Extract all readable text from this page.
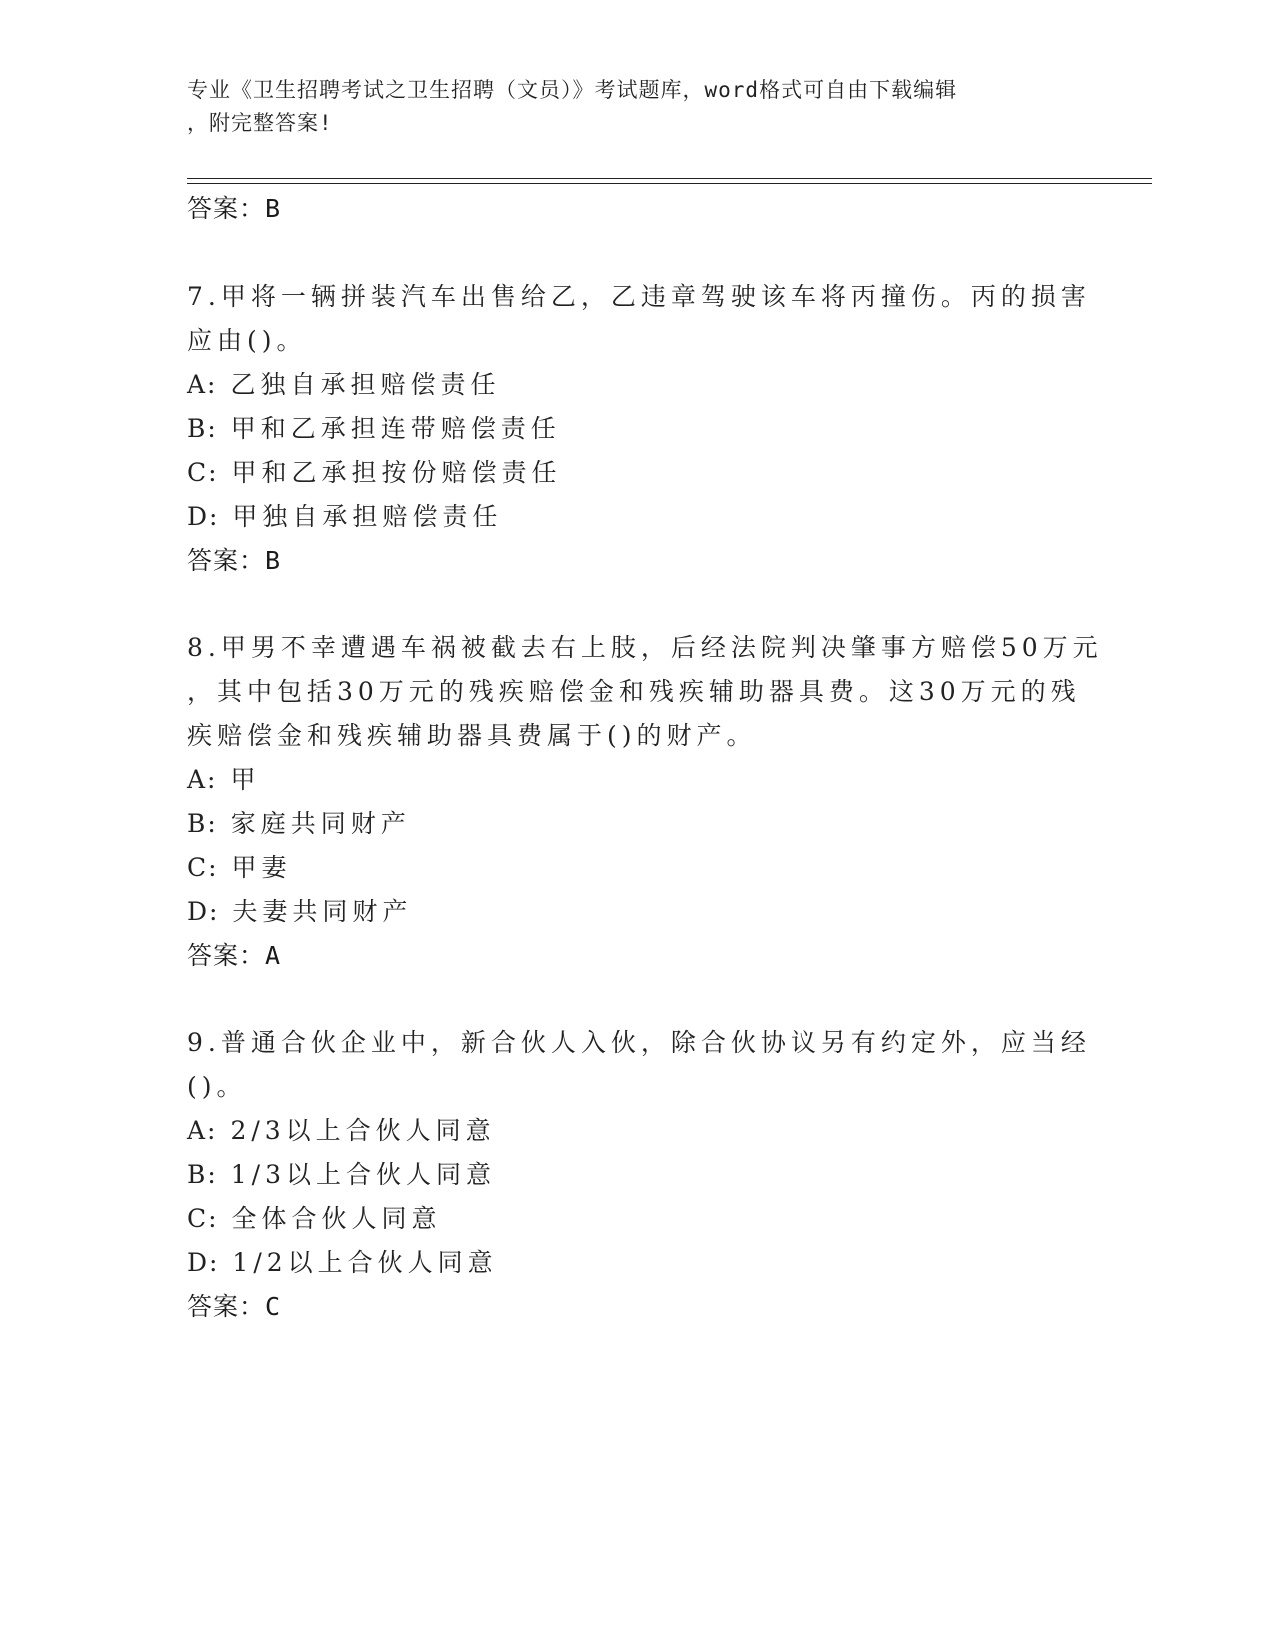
专业《卫生招聘考试之卫生招聘（文员）》考试题库，word格式可自由下载编辑
，附完整答案!
答案：B
7.甲将一辆拼装汽车出售给乙，乙违章驾驶该车将丙撞伤。丙的损害
应由()。
A: 乙独自承担赔偿责任
B: 甲和乙承担连带赔偿责任
C: 甲和乙承担按份赔偿责任
D: 甲独自承担赔偿责任
答案：B
8.甲男不幸遭遇车祸被截去右上肢，后经法院判决肇事方赔偿50万元
，其中包括30万元的残疾赔偿金和残疾辅助器具费。这30万元的残
疾赔偿金和残疾辅助器具费属于()的财产。
A: 甲
B: 家庭共同财产
C: 甲妻
D: 夫妻共同财产
答案：A
9.普通合伙企业中，新合伙人入伙，除合伙协议另有约定外，应当经
()。
A: 2/3以上合伙人同意
B: 1/3以上合伙人同意
C: 全体合伙人同意
D: 1/2以上合伙人同意
答案：C
